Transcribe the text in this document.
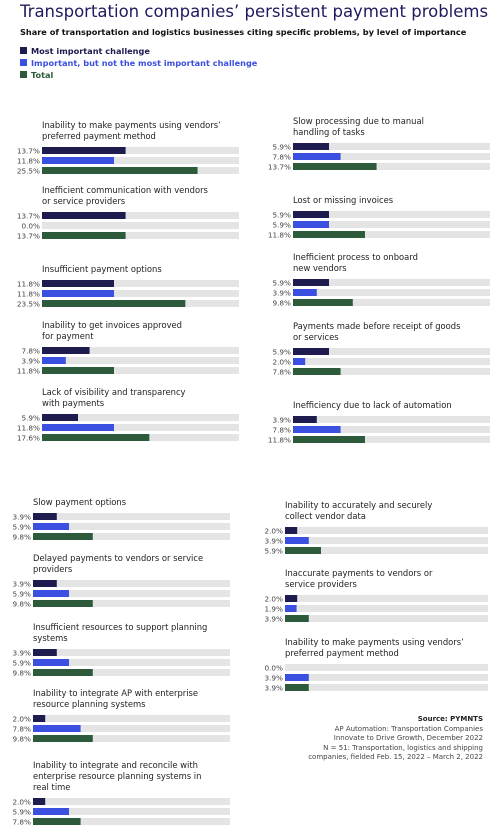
Transportation companies’ persistent payment problems

Share of transportation and logistics businesses citing specific problems, by level of importance

Most important challenge
Important, but not the most important challenge
Total
Inability to make payments using vendors’
preferred payment method
13.7%
11.8%
25.5%
Inefficient communication with vendors
or service providers
13.7%
0.0%
13.7%
Insufficient payment options
11.8%
11.8%
23.5%
Inability to get invoices approved
for payment
7.8%
3.9%
11.8%
Lack of visibility and transparency
with payments
5.9%
11.8%
17.6%
Slow processing due to manual
handling of tasks
5.9%
7.8%
13.7%
Lost or missing invoices
5.9%
5.9%
11.8%
Inefficient process to onboard
new vendors
5.9%
3.9%
9.8%
Payments made before receipt of goods
or services
5.9%
2.0%
7.8%
Inefficiency due to lack of automation
3.9%
7.8%
11.8%
Slow payment options
3.9%
5.9%
9.8%
Delayed payments to vendors or service
providers
3.9%
5.9%
9.8%
Insufficient resources to support planning
systems
3.9%
5.9%
9.8%
Inability to integrate AP with enterprise
resource planning systems
2.0%
7.8%
9.8%
Inability to integrate and reconcile with
enterprise resource planning systems in
real time
2.0%
5.9%
7.8%
Inability to accurately and securely
collect vendor data
2.0%
3.9%
5.9%
Inaccurate payments to vendors or
service providers
2.0%
1.9%
3.9%
Inability to make payments using vendors’
preferred payment method
0.0%
3.9%
3.9%
Source: PYMNTS
AP Automation: Transportation Companies
Innovate to Drive Growth, December 2022
N = 51: Transportation, logistics and shipping
companies, fielded Feb. 15, 2022 – March 2, 2022
